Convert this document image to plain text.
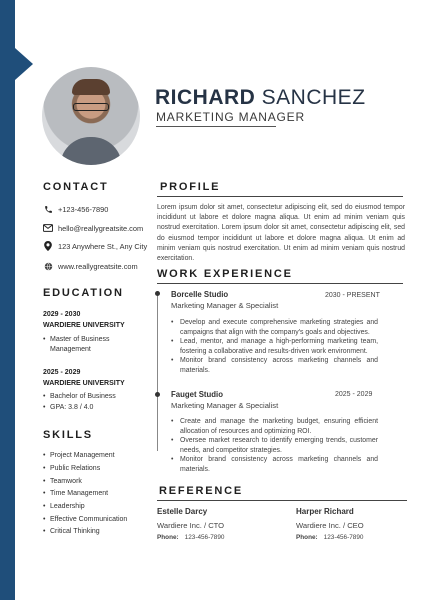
RICHARD SANCHEZ
MARKETING MANAGER
CONTACT
+123-456-7890
hello@reallygreatsite.com
123 Anywhere St., Any City
www.reallygreatsite.com
EDUCATION
2029 - 2030
WARDIERE UNIVERSITY
• Master of Business
Management
2025 - 2029
WARDIERE UNIVERSITY
• Bachelor of Business
• GPA: 3.8 / 4.0
SKILLS
• Project Management
• Public Relations
• Teamwork
• Time Management
• Leadership
• Effective Communication
• Critical Thinking
PROFILE
Lorem ipsum dolor sit amet, consectetur adipiscing elit, sed do eiusmod tempor incididunt ut labore et dolore magna aliqua. Ut enim ad minim veniam quis nostrud exercitation. Lorem ipsum dolor sit amet, consectetur adipiscing elit, sed do eiusmod tempor incididunt ut labore et dolore magna aliqua. Ut enim ad minim veniam quis nostrud exercitation. Ut enim ad minim veniam quis nostrud exercitation.
WORK EXPERIENCE
Borcelle Studio	2030 - PRESENT
Marketing Manager & Specialist
• Develop and execute comprehensive marketing strategies and campaigns that align with the company's goals and objectives.
• Lead, mentor, and manage a high-performing marketing team, fostering a collaborative and results-driven work environment.
• Monitor brand consistency across marketing channels and materials.
Fauget Studio	2025 - 2029
Marketing Manager & Specialist
• Create and manage the marketing budget, ensuring efficient allocation of resources and optimizing ROI.
• Oversee market research to identify emerging trends, customer needs, and competitor strategies.
• Monitor brand consistency across marketing channels and materials.
REFERENCE
Estelle Darcy
Wardiere Inc. / CTO
Phone: 123-456-7890
Harper Richard
Wardiere Inc. / CEO
Phone: 123-456-7890
